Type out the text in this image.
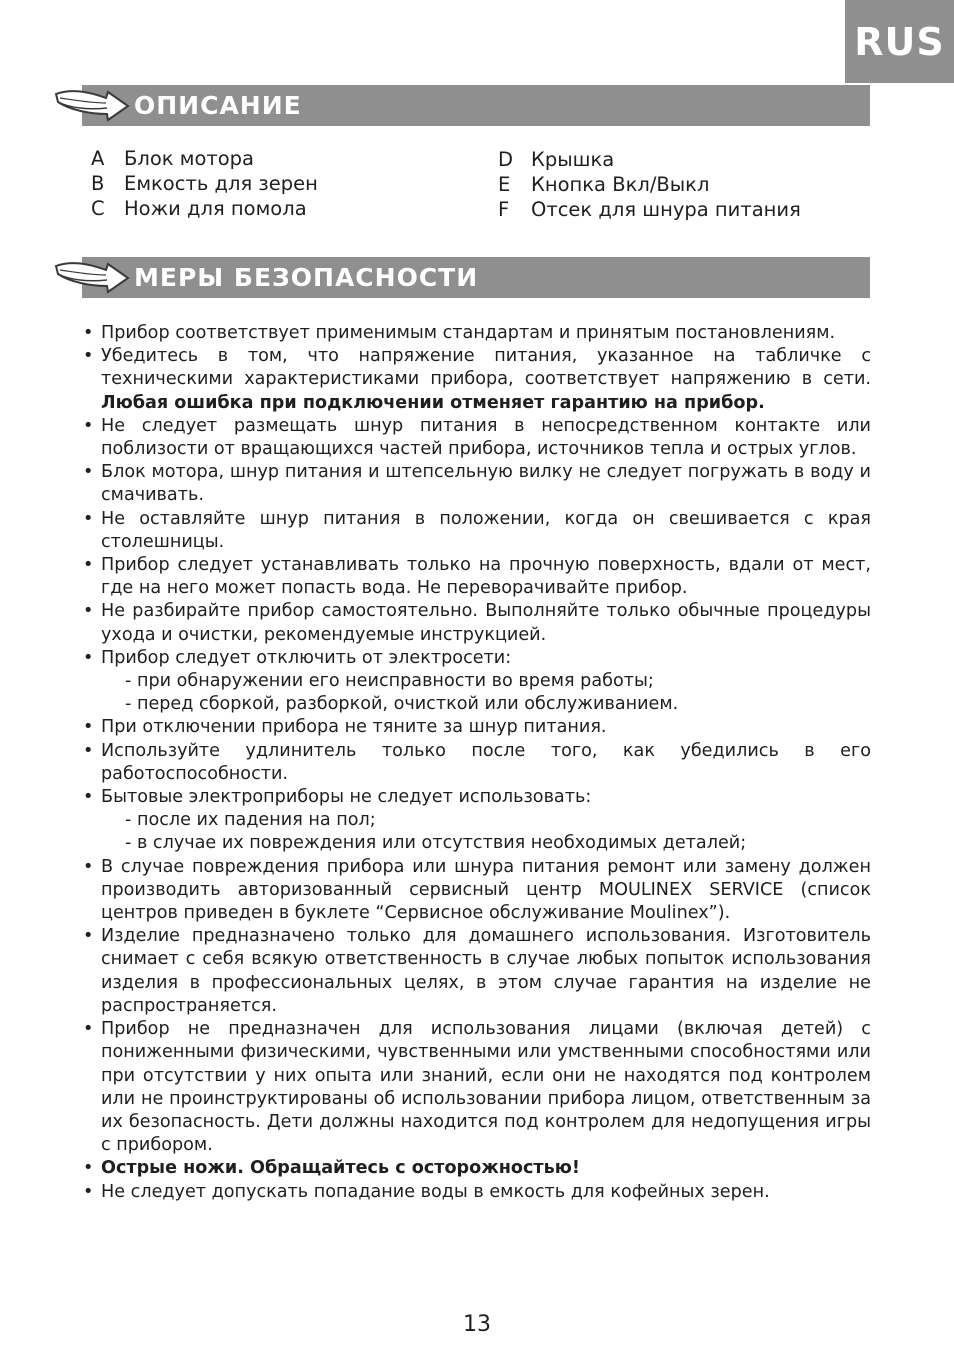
RUS
ОПИСАНИЕ
A Блок мотора
B Емкость для зерен
C Ножи для помола
D Крышка
E Кнопка Вкл/Выкл
F Отсек для шнура питания
МЕРЫ БЕЗОПАСНОСТИ
• Прибор соответствует применимым стандартам и принятым постановлениям.
• Убедитесь в том, что напряжение питания, указанное на табличке с техническими характеристиками прибора, соответствует напряжению в сети. Любая ошибка при подключении отменяет гарантию на прибор.
• Не следует размещать шнур питания в непосредственном контакте или поблизости от вращающихся частей прибора, источников тепла и острых углов.
• Блок мотора, шнур питания и штепсельную вилку не следует погружать в воду и смачивать.
• Не оставляйте шнур питания в положении, когда он свешивается с края столешницы.
• Прибор следует устанавливать только на прочную поверхность, вдали от мест, где на него может попасть вода. Не переворачивайте прибор.
• Не разбирайте прибор самостоятельно. Выполняйте только обычные процедуры ухода и очистки, рекомендуемые инструкцией.
• Прибор следует отключить от электросети:
- при обнаружении его неисправности во время работы;
- перед сборкой, разборкой, очисткой или обслуживанием.
• При отключении прибора не тяните за шнур питания.
• Используйте удлинитель только после того, как убедились в его работоспособности.
• Бытовые электроприборы не следует использовать:
- после их падения на пол;
- в случае их повреждения или отсутствия необходимых деталей;
• В случае повреждения прибора или шнура питания ремонт или замену должен производить авторизованный сервисный центр MOULINEX SERVICE (список центров приведен в буклете “Сервисное обслуживание Moulinex”).
• Изделие предназначено только для домашнего использования. Изготовитель снимает с себя всякую ответственность в случае любых попыток использования изделия в профессиональных целях, в этом случае гарантия на изделие не распространяется.
• Прибор не предназначен для использования лицами (включая детей) с пониженными физическими, чувственными или умственными способностями или при отсутствии у них опыта или знаний, если они не находятся под контролем или не проинструктированы об использовании прибора лицом, ответственным за их безопасность. Дети должны находится под контролем для недопущения игры с прибором.
• Острые ножи. Обращайтесь с осторожностью!
• Не следует допускать попадание воды в емкость для кофейных зерен.
13
